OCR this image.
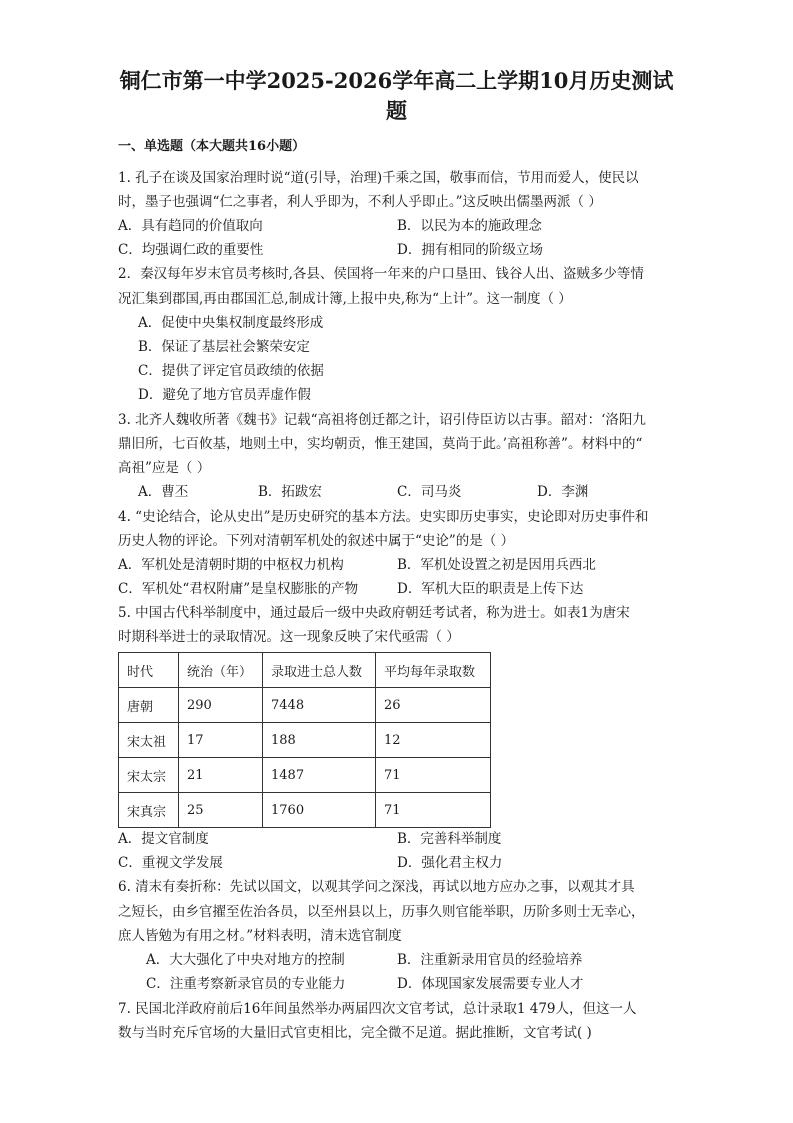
铜仁市第一中学2025-2026学年高二上学期10月历史测试
题
一、单选题（本大题共16小题）
1. 孔子在谈及国家治理时说“道(引导，治理)千乘之国，敬事而信，节用而爱人，使民以
时，墨子也强调“仁之事者，利人乎即为，不利人乎即止。”这反映出儒墨两派（ ）
A．具有趋同的价值取向	B．以民为本的施政理念
C．均强调仁政的重要性	D．拥有相同的阶级立场
2．秦汉每年岁末官员考核时,各县、侯国将一年来的户口垦田、钱谷人出、盗贼多少等情
况汇集到郡国,再由郡国汇总,制成计簿,上报中央,称为“上计”。这一制度（ ）
A．促使中央集权制度最终形成
B．保证了基层社会繁荣安定
C．提供了评定官员政绩的依据
D．避免了地方官员弄虚作假
3. 北齐人魏收所著《魏书》记载“高祖将创迁都之计，诏引侍臣访以古事。韶对：‘洛阳九
鼎旧所，七百攸基，地则土中，实均朝贡，惟王建国，莫尚于此。’高祖称善”。材料中的“
高祖”应是（ ）
A．曹丕	B．拓跋宏	C．司马炎	D．李渊
4. “史论结合，论从史出”是历史研究的基本方法。史实即历史事实，史论即对历史事件和
历史人物的评论。下列对清朝军机处的叙述中属于“史论”的是（ ）
A．军机处是清朝时期的中枢权力机构	B．军机处设置之初是因用兵西北
C．军机处“君权附庸”是皇权膨胀的产物	D．军机大臣的职责是上传下达
5. 中国古代科举制度中，通过最后一级中央政府朝廷考试者，称为进士。如表1为唐宋
时期科举进士的录取情况。这一现象反映了宋代亟需（ ）
时代	统治（年）	录取进士总人数	平均每年录取数
唐朝	290	7448	26
宋太祖	17	188	12
宋太宗	21	1487	71
宋真宗	25	1760	71
A．提文官制度	B．完善科举制度
C．重视文学发展	D．强化君主权力
6. 清末有奏折称：先试以国文，以观其学问之深浅，再试以地方应办之事，以观其才具
之短长，由乡官擢至佐治各员，以至州县以上，历事久则官能举职，历阶多则士无幸心，
庶人皆勉为有用之材。”材料表明，清末选官制度
A．大大强化了中央对地方的控制	B．注重新录用官员的经验培养
C．注重考察新录官员的专业能力	D．体现国家发展需要专业人才
7. 民国北洋政府前后16年间虽然举办两届四次文官考试，总计录取1 479人，但这一人
数与当时充斥官场的大量旧式官吏相比，完全微不足道。据此推断，文官考试( )
